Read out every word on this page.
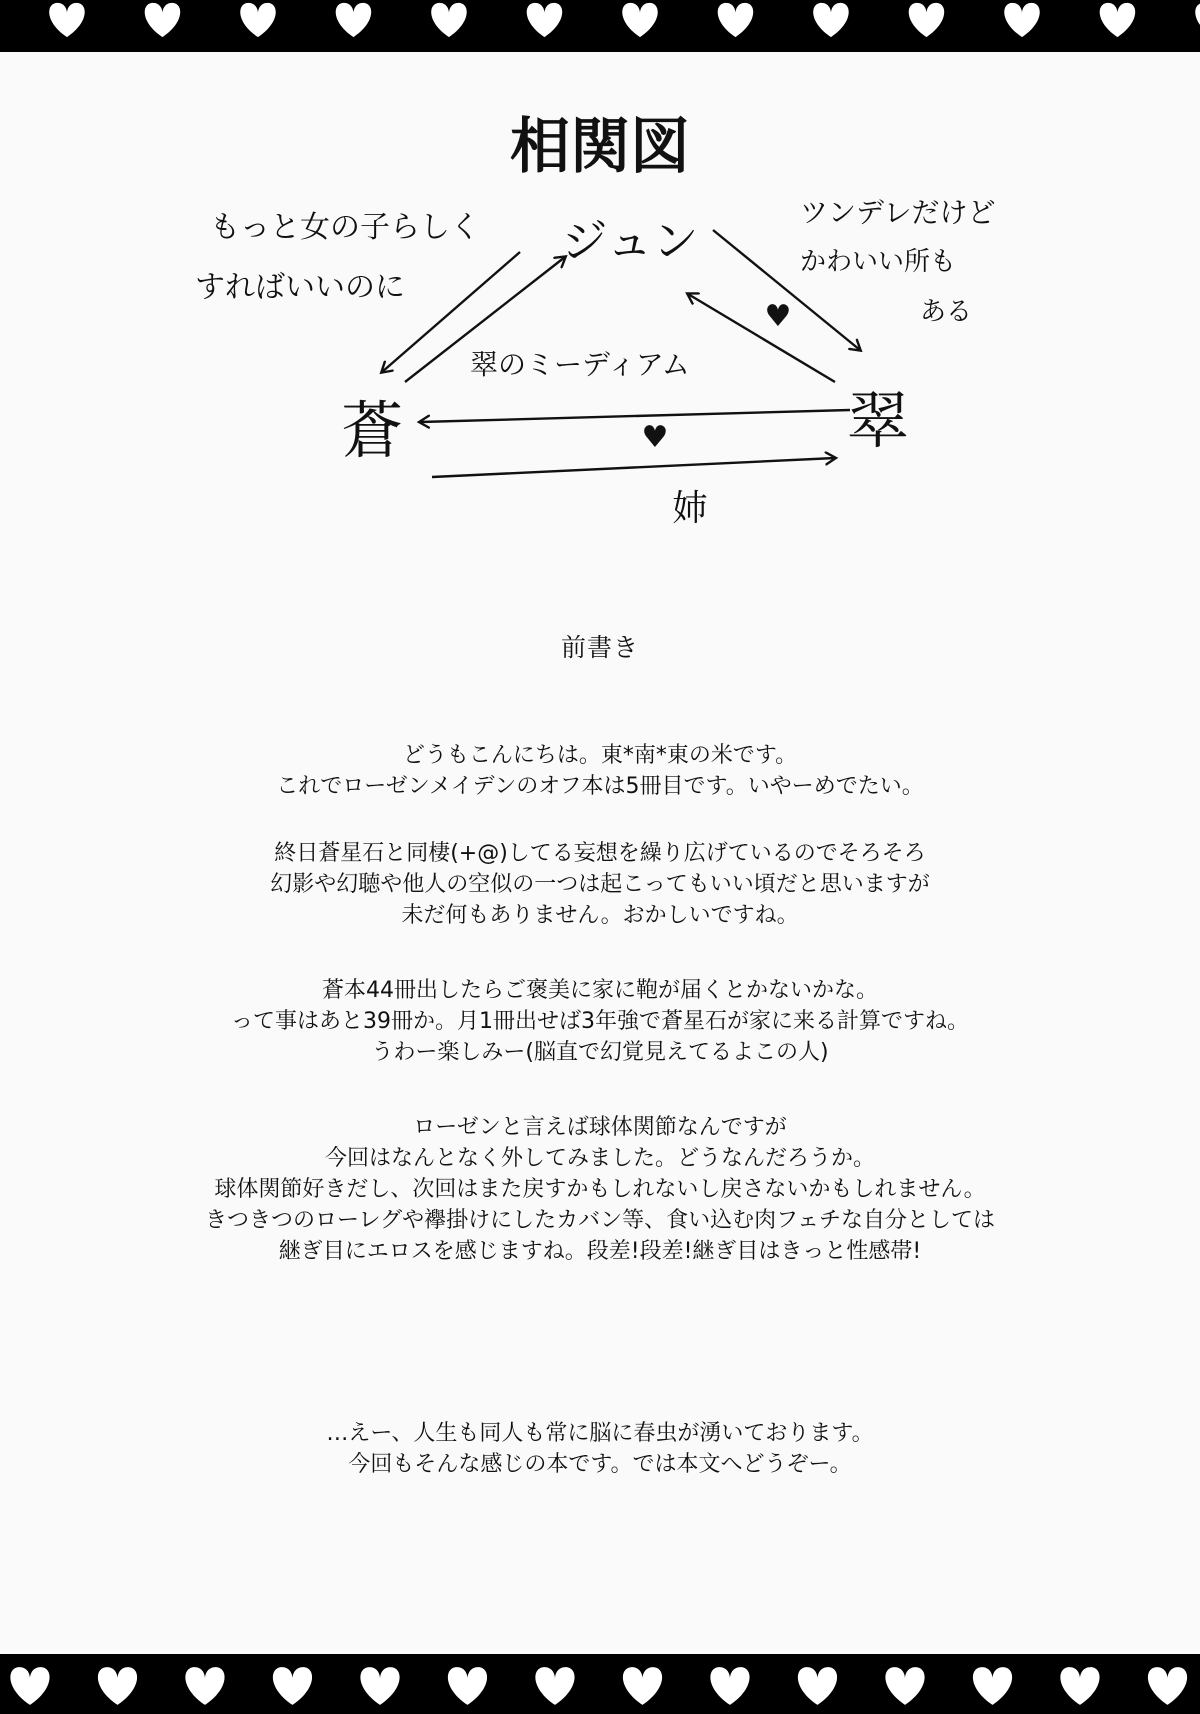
相関図
ジュン
蒼	翠
もっと女の子らしく
すればいいのに
ツンデレだけど
かわいい所も
ある
翠のミーディアム
姉
♥
♥
前書き
どうもこんにちは。東*南*東の米です。
これでローゼンメイデンのオフ本は5冊目です。いやーめでたい。
終日蒼星石と同棲(+@)してる妄想を繰り広げているのでそろそろ
幻影や幻聴や他人の空似の一つは起こってもいい頃だと思いますが
未だ何もありません。おかしいですね。
蒼本44冊出したらご褒美に家に鞄が届くとかないかな。
って事はあと39冊か。月1冊出せば3年強で蒼星石が家に来る計算ですね。
うわー楽しみー(脳直で幻覚見えてるよこの人)
ローゼンと言えば球体関節なんですが
今回はなんとなく外してみました。どうなんだろうか。
球体関節好きだし、次回はまた戻すかもしれないし戻さないかもしれません。
きつきつのローレグや襷掛けにしたカバン等、食い込む肉フェチな自分としては
継ぎ目にエロスを感じますね。段差!段差!継ぎ目はきっと性感帯!
…えー、人生も同人も常に脳に春虫が湧いております。
今回もそんな感じの本です。では本文へどうぞー。
